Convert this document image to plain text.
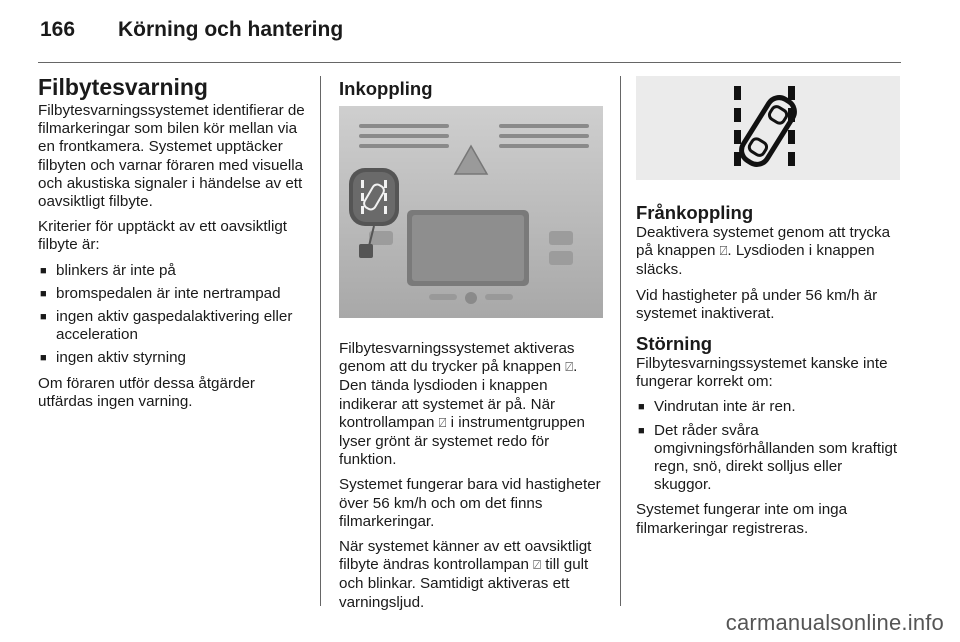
166 Körning och hantering
Filbytesvarning

Filbytesvarningssystemet identifierar de filmarkeringar som bilen kör mellan via en frontkamera. Systemet upptäcker filbyten och varnar föraren med visuella och akustiska signaler i händelse av ett oavsiktligt filbyte.

Kriterier för upptäckt av ett oavsiktligt filbyte är:

■ blinkers är inte på
■ bromspedalen är inte nertrampad
■ ingen aktiv gaspedalaktivering eller acceleration
■ ingen aktiv styrning

Om föraren utför dessa åtgärder utfärdas ingen varning.

Inkoppling

Filbytesvarningssystemet aktiveras genom att du trycker på knappen ⍁. Den tända lysdioden i knappen indikerar att systemet är på. När kontrollampan ⍁ i instrumentgruppen lyser grönt är systemet redo för funktion.

Systemet fungerar bara vid hastigheter över 56 km/h och om det finns filmarkeringar.

När systemet känner av ett oavsiktligt filbyte ändras kontrollampan ⍁ till gult och blinkar. Samtidigt aktiveras ett varningsljud.

Frånkoppling

Deaktivera systemet genom att trycka på knappen ⍁. Lysdioden i knappen släcks.

Vid hastigheter på under 56 km/h är systemet inaktiverat.

Störning

Filbytesvarningssystemet kanske inte fungerar korrekt om:

■ Vindrutan inte är ren.
■ Det råder svåra omgivningsförhållanden som kraftigt regn, snö, direkt solljus eller skuggor.

Systemet fungerar inte om inga filmarkeringar registreras.

carmanualsonline.info
